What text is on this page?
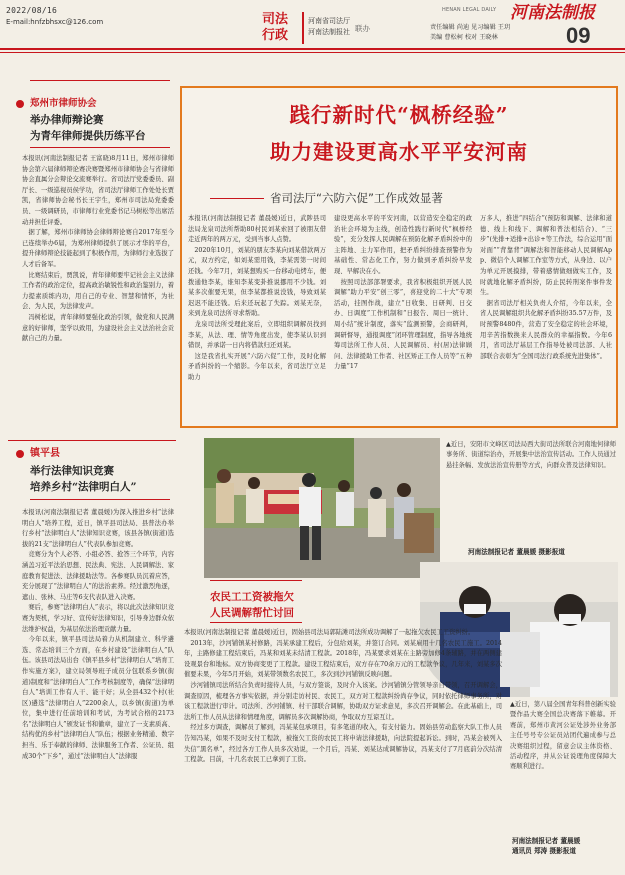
2022/08/16
E-mail:hnfzbhsxc@126.com	司法
行政
河南省司法厅
河南法制报社 联办
HENAN LEGAL DAILY 河南法制报
责任编辑 尚迪 见习编辑 王玥
美编 曹松柯 校对 王晓林	09
郑州市律师协会
举办律师辩论赛
为青年律师提供历练平台
本报讯(河南法制报记者 王富晓)8月11日，郑州市律师协会第六届律师辩论赛决赛暨郑州市律师协会与省律师协会直属分会辩论交流赛举行。省司法厅党委委员、副厅长、一级巡视员侯学功，省司法厅律师工作处处长贾凯，省律师协会秘书长王宇生，郑州市司法局党委委员、一级调研员，市律师行业党委书记马树松等出席活动并担任评委。
　据了解，郑州市律师协会律师辩论赛自2017年至今已连续举办6届，为郑州律师提供了展示才华的平台，提升律师辩论技能起到了积极作用，为律师行业选拔了人才后备军。
　比赛结束后，贾凯说，青年律师要牢记社会主义法律工作者的政治定位，提高政治敏锐性和政治鉴别力，着力提素质练内功，用自己的专业、智慧和情怀，为社会、为人民，为法律发声。
　冯树松说，青年律师要强化政治引领，做党和人民满意的好律师，坚学以致用，为建设社会主义法治社会贡献自己的力量。
践行新时代“枫桥经验”
助力建设更高水平平安河南
省司法厅“六防六促”工作成效显著
本报讯(河南法制报记者 董晨媛)近日，武陟县司法局龙泉司法所帮助80村民刘某索回了被朋友借走近两年的两万元，受到当事人点赞。
　2020年10月，刘某的朋友李某向刘某借款两万元，双方约定，如刘某需用钱，李某需第一时间还钱。今年7月，刘某想购买一台移动电烤车，便拨通他李某，谁知李某变卦推说挪用不少钱。刘某多次催要无果，但李某都推说没钱，导致刘某迟迟不能还钱。后来还玩起了失踪。刘某无奈，来到龙泉司法所寻求帮助。
　龙泉司法所受理此案后，立即组织调解员找到李某，从法、理、情等角度出发，使李某认识到错误，并承诺一日内将借款归还刘某。
　这是我省扎实开展“六防六促”工作，及时化解矛盾纠纷的一个缩影。今年以来，省司法厅立足助力
建设更高水平的平安河南，以营造安全稳定的政治社会环境为主线，创造性践行新时代“枫桥经验”，充分发挥人民调解在预防化解矛盾纠纷中的主阵地、主力军作用，把矛盾纠纷排查预警作为基础性、常态化工作，努力做到矛盾纠纷早发现、早解决在小。
　按照司法部部署要求，我省积极组织开展人民调解“助力平安”创三零”，喜迎党的二十大”专项活动，挂图作战，建立“日收集、日研判、日交办、日调度”工作机制和“日报告、周日一统计、周小结”统计制度，落实“监测预警，会商研判，调研督导，通报调度”闭环管理制度，指导各地统筹司法所工作人员、人民调解员、村(居)法律顾问、法律援助工作者、社区矫正工作人员等“五种力量”17
万多人，推进“四结合”(预防和调解、法律和道德、线上和线下、调解和普法相结合)、“三步”(先排+适排+出诊+等工作法，综合运用“面对面”“背靠背”调解法和智能移动人民调解App、微信个人调解工作室等方式，从身边、以户为单元开展摸排，带着感情做细做实工作，及时就地化解矛盾纠纷，防止民转刑案件事件发生。
　据省司法厅相关负责人介绍，今年以来，全省人民调解组织共化解矛盾纠纷35.57万件，及时预警8480件，营造了安全稳定的社会环境，用辛苦指数换来人民群众的幸福指数。今年6月，省司法厅基层工作指导处被司法部、人社部联合表彰为“全国司法行政系统先进集体”。
镇平县
举行法律知识竞赛
培养乡村“法律明白人”
本报讯(河南法制报记者 董晨媛)为深入推进乡村“法律明白人”培养工程，近日，镇平县司法局、县普法办举行乡村“法律明白人”法律知识竞赛，该县各镇(街道)选拔的21支“法律明白人”代表队参加竞赛。
　竞赛分为个人必答、小组必答、抢答三个环节，内容涵盖习近平法治思想、民法典、宪法、人民调解法、家庭教育促进法、法律援助法等。各参赛队员沉着应答，充分展现了“法律明白人”的法治素养。经过激烈角逐，遮山、张林、马庄等6支代表队进入决赛。
　赛后，参赛“法律明白人”表示，将以此次法律知识竞赛为契机，学习好、宣传好法律知识，引导身边群众依法维护权益，为基层依法治理贡献力量。
　今年以来，镇平县司法局着力从机制建立、科学遴选、常态培训三个方面，在乡村建设“法律明白人”队伍。该县司法局出台《镇平县乡村“法律明白人”培育工作实施方案》，建立局领导班子成员分包联系乡镇(街道)制度和“法律明白人”工作考核制度等，确保“法律明白人”培训工作有人干、能干好；从全县432个村(社区)遴选“法律明白人”2200余人，以乡镇(街道)为单位，集中进行任前培训和考试，为考试合格的2173名“法律明白人”颁发证书和徽章，建立了一支素质高、结构优的乡村“法律明白人”队伍；根据业务精通、数字担当、乐于奉献的律师、法律服务工作者、公证员、组成30个”下乡”，通过“法律明白人”法律服
▲近日，安阳市文峰区司法局西大街司法所联合河南地何律师事务所、街道综治办，开展集中法治宣传活动。工作人员通过悬挂条幅、发放法治宣传册等方式，向群众普及法律知识。
河南法制报记者 董晨媛 摄影报道
▲近日，第八届全国青年科普创新实验暨作品大赛全国总决赛落下帷幕。开赛前，郑州市黄河公证处涉外业务部主任号号专公证员站团代遍成参与总决赛组织过程，留意会议主体资格、活动程序，并从公证说理角度保障大赛顺利进行。
河南法制报记者 董晨媛
通讯员 郑涛 摄影报道
农民工工资被拖欠
人民调解帮忙讨回
本报讯(河南法制报记者 董晨媛)近日，固始县司法局郭陆滩司法所成功调解了一起拖欠农民工工资纠纷。
　2013年，沙河铺镇某村修路，冯某承建工程后，分包给刘某，并签订合同。刘某雇用十几名农民工施工。2014年，主路修建工程结束后，冯某和刘某未结清工程款。2018年，冯某要求刘某在主路旁加修4条辅路，并在两侧建设观景台和地标。双方协商变更了工程款。建设工程结束后，双方存在70余万元的工程款争议，几年来，刘某多次催要未果，今年5月开始，刘某带领数名农民工，多次到沙河铺镇反映问题。
　沙河铺镇司法所结合负责时接待人员，与双方签谈，及时介入该案。沙河铺镇分管领导亲自带领，召开调解会，调查原因，梳理各方事实依据，并分别走访村民、农民工，双方对工程款纠纷尚存争议，同时依托律师事务所，对该工程款进行审计。司法所、沙河铺镇、村干部联合调解，协助双方证求意见，多次召开调解会。在此基础上，司法所工作人员从法律和情理角度，调解员多次调解协商，争取双方互谅互让。
　经过多方调查，调解员了解到，冯某某包承项目，有多笔道的收入，有支付能力。固始县劳动监察大队工作人员告知冯某，如果不及时支付工程款，被拖欠工资的农民工将申请法律援助，向法院提起诉讼。到时，冯某会被列入失信“黑名单”，经过各方工作人员多次劝说，一个月后，冯某、刘某达成调解协议，冯某支付了7月底前分次结清工程款。目前，十几名农民工已拿到了工资。
